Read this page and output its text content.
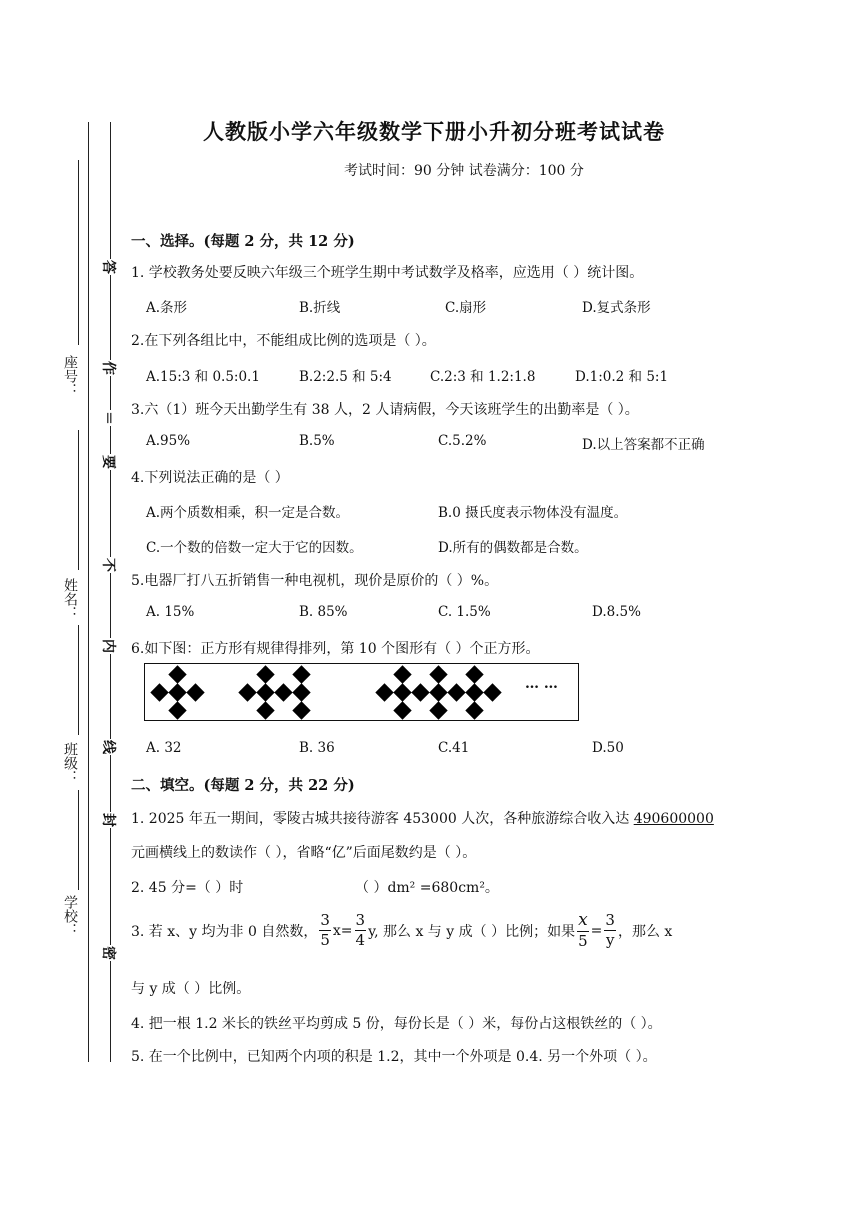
座号：
姓名：
班级：
学校：
答
作
＝
要
不
内
线
封
密
人教版小学六年级数学下册小升初分班考试试卷
考试时间：90 分钟 试卷满分：100 分
一、选择。(每题 2 分，共 12 分)
1. 学校教务处要反映六年级三个班学生期中考试数学及格率，应选用（ ）统计图。
A.条形	B.折线	C.扇形	D.复式条形
2.在下列各组比中，不能组成比例的选项是（ ）。
A.15:3 和 0.5:0.1	B.2:2.5 和 5:4	C.2:3 和 1.2:1.8	D.1:0.2 和 5:1
3.六（1）班今天出勤学生有 38 人，2 人请病假，今天该班学生的出勤率是（ ）。
A.95%	B.5%	C.5.2%	D.以上答案都不正确
4.下列说法正确的是（ ）
A.两个质数相乘，积一定是合数。	B.0 摄氏度表示物体没有温度。
C.一个数的倍数一定大于它的因数。	D.所有的偶数都是合数。
5.电器厂打八五折销售一种电视机，现价是原价的（ ）%。
A. 15%	B. 85%	C. 1.5%	D.8.5%
6.如下图：正方形有规律得排列，第 10 个图形有（ ）个正方形。
… …
A. 32	B. 36	C.41	D.50
二、填空。(每题 2 分，共 22 分)
1. 2025 年五一期间，零陵古城共接待游客 453000 人次，各种旅游综合收入达 490600000
元画横线上的数读作（ ），省略“亿”后面尾数约是（ ）。
2. 45 分=（ ）时	（ ）dm² =680cm²。
3. 若 x、y 均为非 0 自然数， $\frac{3}{5} x= \frac{3}{4} y$, 那么 x 与 y 成（ ）比例；如果 $\frac{x}{5} = \frac{3}{y}$ ，那么 x
与 y 成（ ）比例。
4. 把一根 1.2 米长的铁丝平均剪成 5 份，每份长是（ ）米，每份占这根铁丝的（ ）。
5. 在一个比例中，已知两个内项的积是 1.2，其中一个外项是 0.4. 另一个外项（ ）。
